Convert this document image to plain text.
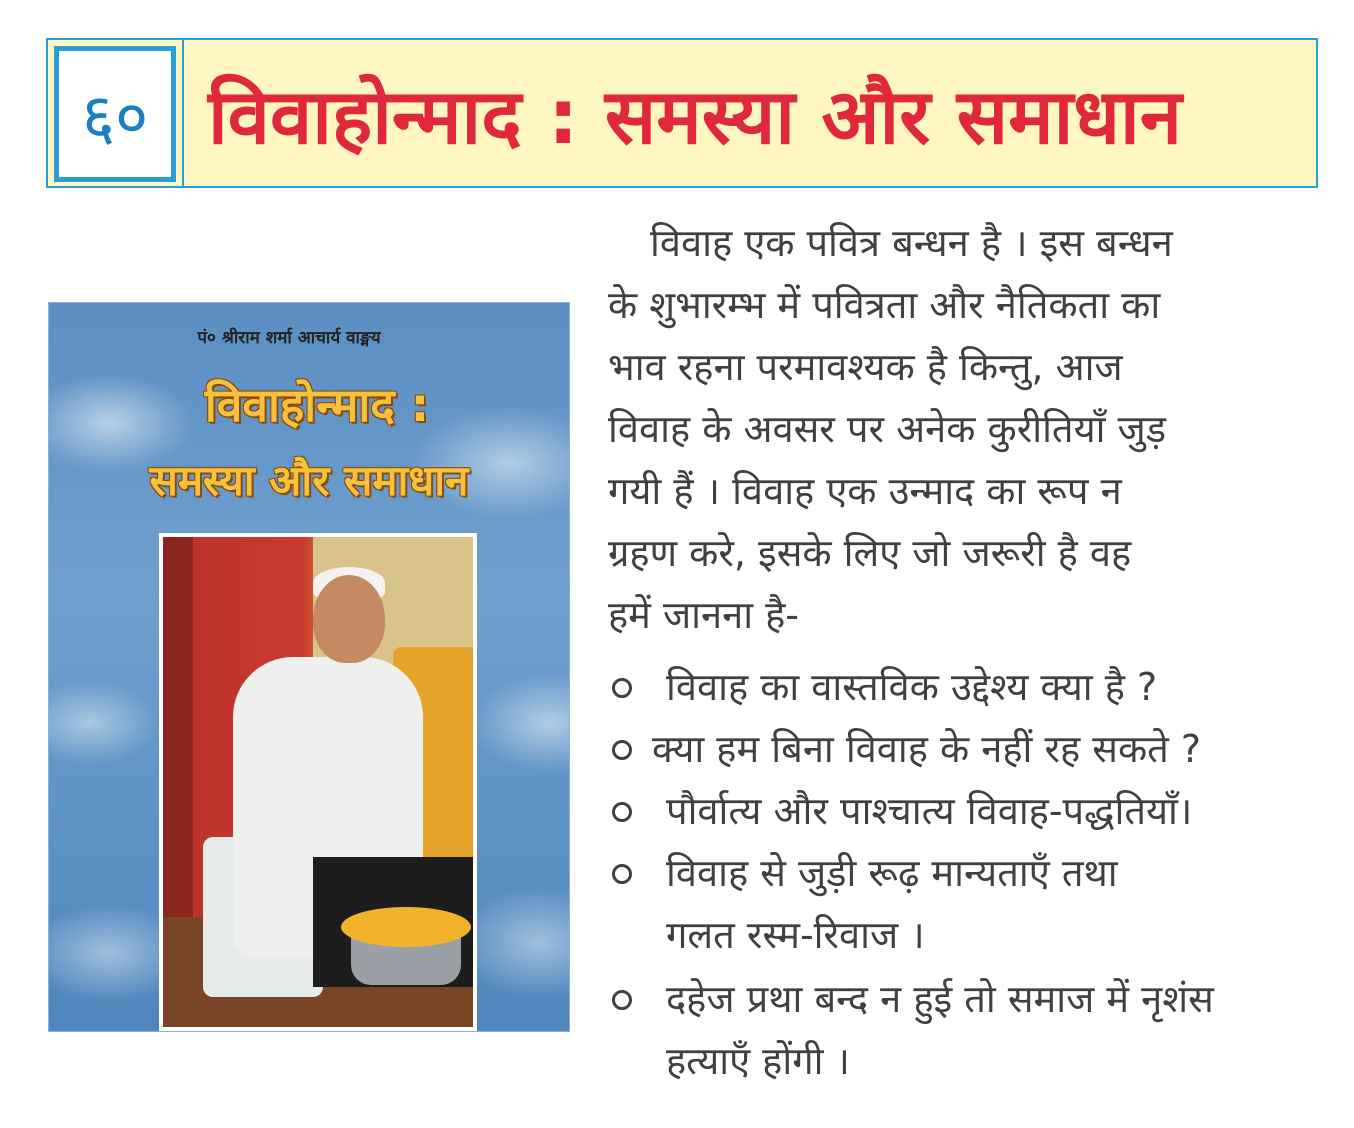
६० विवाहोन्माद : समस्या और समाधान
पं० श्रीराम शर्मा आचार्य वाङ्मय
विवाहोन्माद :
समस्या और समाधान
विवाह एक पवित्र बन्धन है । इस बन्धन
के शुभारम्भ में पवित्रता और नैतिकता का
भाव रहना परमावश्यक है किन्तु, आज
विवाह के अवसर पर अनेक कुरीतियाँ जुड़
गयी हैं । विवाह एक उन्माद का रूप न
ग्रहण करे, इसके लिए जो जरूरी है वह
हमें जानना है-
विवाह का वास्तविक उद्देश्य क्या है ?
क्या हम बिना विवाह के नहीं रह सकते ?
पौर्वात्य और पाश्चात्य विवाह-पद्धतियाँ।
विवाह से जुड़ी रूढ़ मान्यताएँ तथा
गलत रस्म-रिवाज ।
दहेज प्रथा बन्द न हुई तो समाज में नृशंस
हत्याएँ होंगी ।
